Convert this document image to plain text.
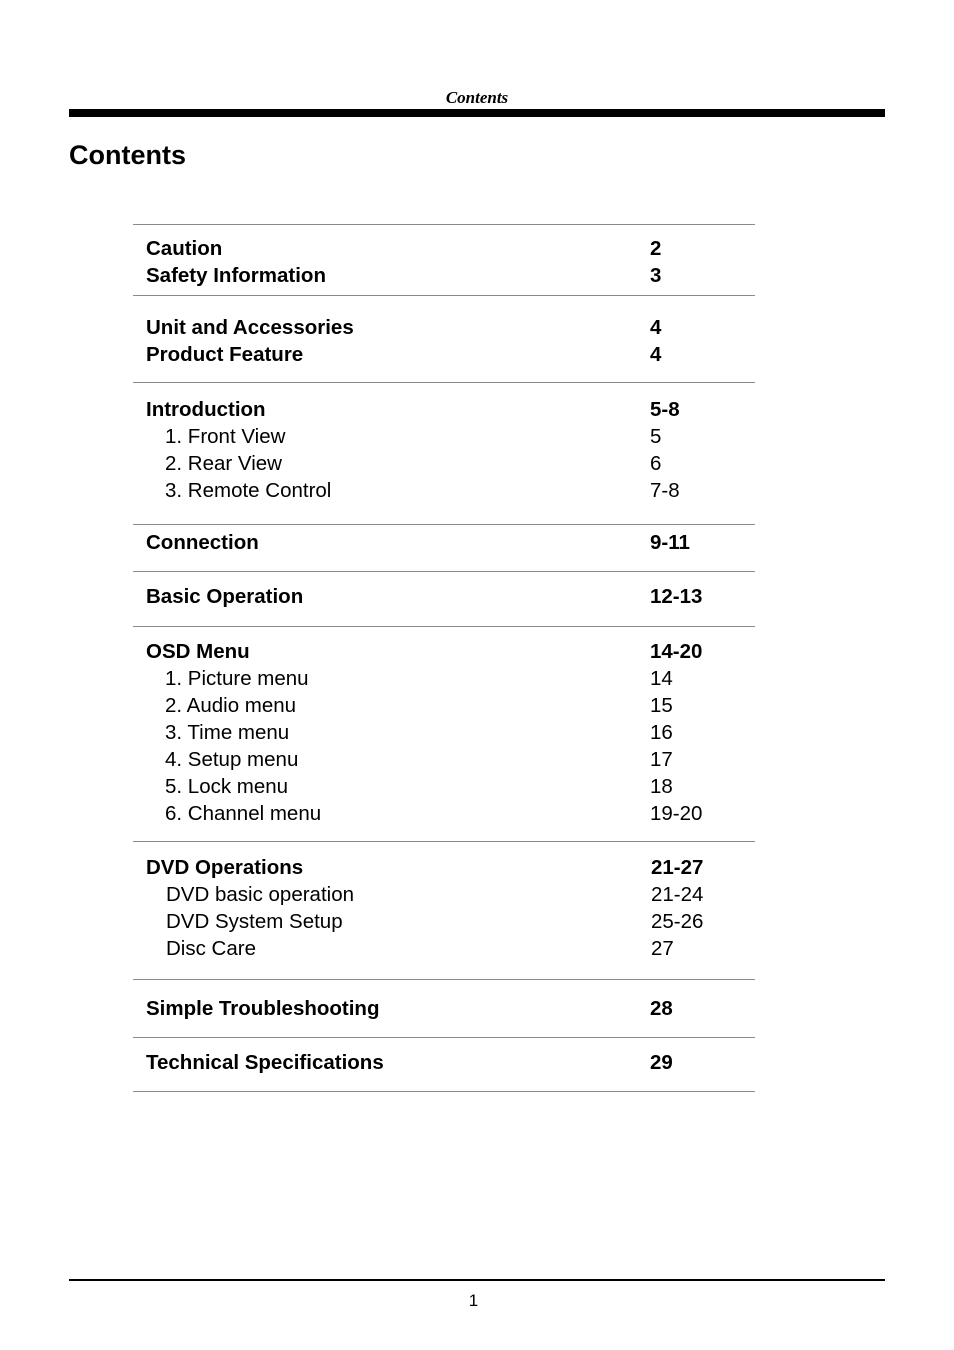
Contents
Contents
Caution	2
Safety Information	3
Unit and Accessories	4
Product Feature	4
Introduction	5-8
1. Front View	5
2. Rear View	6
3. Remote Control	7-8
Connection	9-11
Basic Operation	12-13
OSD Menu	14-20
1. Picture menu	14
2. Audio menu	15
3. Time menu	16
4. Setup menu	17
5. Lock menu	18
6. Channel menu	19-20
DVD Operations	21-27
DVD basic operation	21-24
DVD System Setup	25-26
Disc Care	27
Simple Troubleshooting	28
Technical Specifications	29
1
